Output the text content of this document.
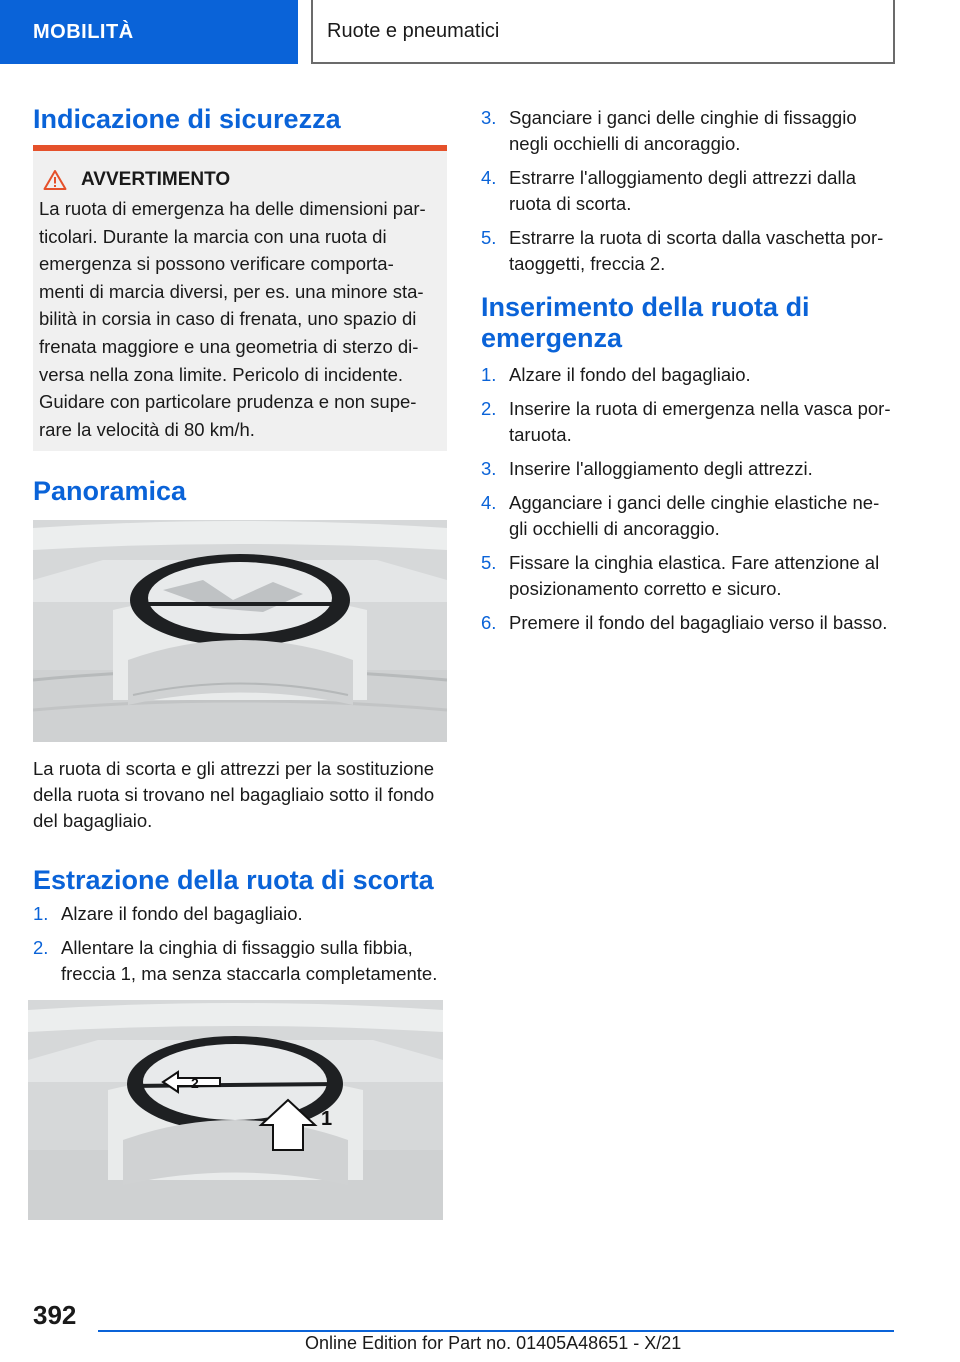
MOBILITÀ	Ruote e pneumatici
Indicazione di sicurezza
AVVERTIMENTO
La ruota di emergenza ha delle dimensioni par-
ticolari. Durante la marcia con una ruota di
emergenza si possono verificare comporta-
menti di marcia diversi, per es. una minore sta-
bilità in corsia in caso di frenata, uno spazio di
frenata maggiore e una geometria di sterzo di-
versa nella zona limite. Pericolo di incidente.
Guidare con particolare prudenza e non supe-
rare la velocità di 80 km/h.
Panoramica
La ruota di scorta e gli attrezzi per la sostituzione
della ruota si trovano nel bagagliaio sotto il fondo
del bagagliaio.
Estrazione della ruota di scorta
1. Alzare il fondo del bagagliaio.
2. Allentare la cinghia di fissaggio sulla fibbia,
freccia 1, ma senza staccarla completamente.
2
1
3. Sganciare i ganci delle cinghie di fissaggio
negli occhielli di ancoraggio.
4. Estrarre l'alloggiamento degli attrezzi dalla
ruota di scorta.
5. Estrarre la ruota di scorta dalla vaschetta por-
taoggetti, freccia 2.
Inserimento della ruota di
emergenza
1. Alzare il fondo del bagagliaio.
2. Inserire la ruota di emergenza nella vasca por-
taruota.
3. Inserire l'alloggiamento degli attrezzi.
4. Agganciare i ganci delle cinghie elastiche ne-
gli occhielli di ancoraggio.
5. Fissare la cinghia elastica. Fare attenzione al
posizionamento corretto e sicuro.
6. Premere il fondo del bagagliaio verso il basso.
392
Online Edition for Part no. 01405A48651 - X/21
